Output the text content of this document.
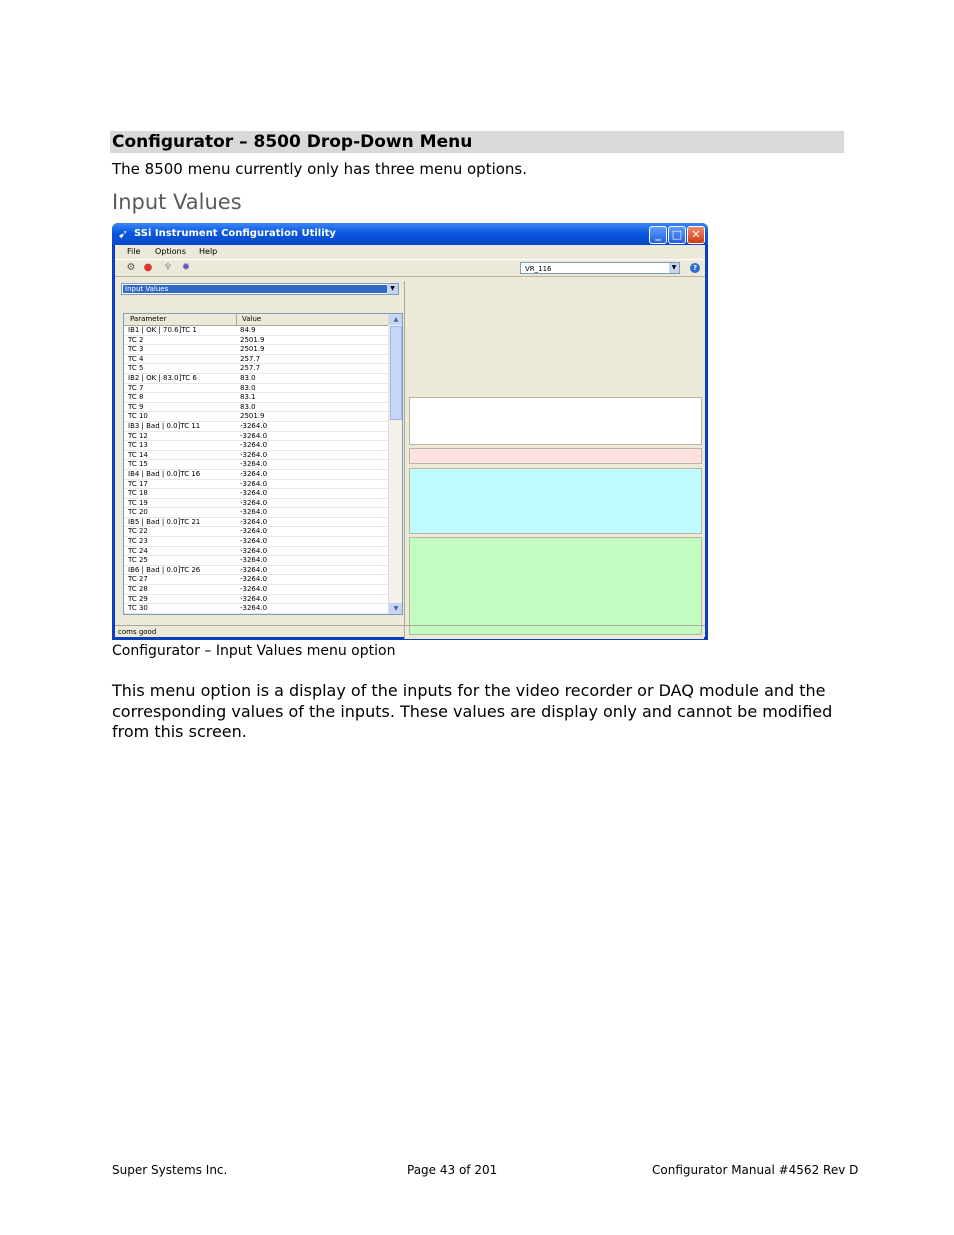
Configurator – 8500 Drop-Down Menu
The 8500 menu currently only has three menu options.
Input Values
➹ SSi Instrument Configuration Utility	_	□ ✕
File Options Help
⚙ ● ♆ ✹	VR_116	▼	?
Input Values	▼
Parameter	Value
IB1 | OK | 70.6]TC 1	84.9
TC 2	2501.9
TC 3	2501.9
TC 4	257.7
TC 5	257.7
IB2 | OK | 83.0]TC 6	83.0
TC 7	83.0
TC 8	83.1
TC 9	83.0
TC 10	2501.9
IB3 | Bad | 0.0]TC 11	-3264.0
TC 12	-3264.0
TC 13	-3264.0
TC 14	-3264.0
TC 15	-3264.0
IB4 | Bad | 0.0]TC 16	-3264.0
TC 17	-3264.0
TC 18	-3264.0
TC 19	-3264.0
TC 20	-3264.0
IB5 | Bad | 0.0]TC 21	-3264.0
TC 22	-3264.0
TC 23	-3264.0
TC 24	-3264.0
TC 25	-3264.0
IB6 | Bad | 0.0]TC 26	-3264.0
TC 27	-3264.0
TC 28	-3264.0
TC 29	-3264.0
TC 30	-3264.0
▲
▼
coms good	⋰
Configurator – Input Values menu option
This menu option is a display of the inputs for the video recorder or DAQ module and the corresponding values of the inputs. These values are display only and cannot be modified from this screen.
Super Systems Inc.	Page 43 of 201	Configurator Manual #4562 Rev D
